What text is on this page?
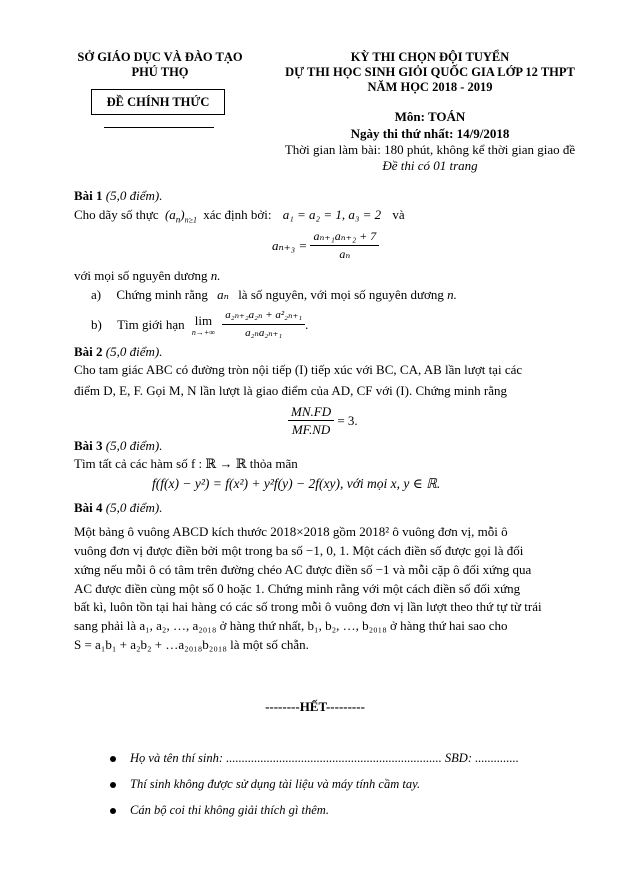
SỞ GIÁO DỤC VÀ ĐÀO TẠO
PHÚ THỌ
ĐỀ CHÍNH THỨC
KỲ THI CHỌN ĐỘI TUYỂN
DỰ THI HỌC SINH GIỎI QUỐC GIA LỚP 12 THPT
NĂM HỌC 2018 - 2019
Môn: TOÁN
Ngày thi thứ nhất: 14/9/2018
Thời gian làm bài: 180 phút, không kể thời gian giao đề
Đề thi có 01 trang
Bài 1 (5,0 điểm).
Cho dãy số thực $(a_n)_{n\ge 1}$ xác định bởi: a₁ = a₂ = 1, a₃ = 2 và
$a_{n+3} = \frac{\text{aₙ₊₁aₙ₊₂ + 7}}{\text{aₙ}}$
với mọi số nguyên dương n.
a) Chứng minh rằng aₙ là số nguyên, với mọi số nguyên dương n.
b) Tìm giới hạn lim
n→+∞
$\frac{\text{a₂ₙ₊₂a₂ₙ + a²₂ₙ₊₁}}{\text{a₂ₙa₂ₙ₊₁}}$ .
Bài 2 (5,0 điểm).
Cho tam giác ABC có đường tròn nội tiếp (I) tiếp xúc với BC, CA, AB lần lượt tại các
điểm D, E, F. Gọi M, N lần lượt là giao điểm của AD, CF với (I). Chứng minh rằng
$\frac{MN.FD}{MF.ND} = 3$.
Bài 3 (5,0 điểm).
Tìm tất cả các hàm số f : ℝ → ℝ thỏa mãn
f(f(x) − y²) = f(x²) + y²f(y) − 2f(xy), với mọi x, y ∈ ℝ.
Bài 4 (5,0 điểm).
Một bảng ô vuông ABCD kích thước 2018×2018 gồm 2018² ô vuông đơn vị, mỗi ô
vuông đơn vị được điền bởi một trong ba số −1, 0, 1. Một cách điền số được gọi là đối
xứng nếu mỗi ô có tâm trên đường chéo AC được điền số −1 và mỗi cặp ô đối xứng qua
AC được điền cùng một số 0 hoặc 1. Chứng minh rằng với một cách điền số đối xứng
bất kì, luôn tồn tại hai hàng có các số trong mỗi ô vuông đơn vị lần lượt theo thứ tự từ trái
sang phải là a₁, a₂, …, a₂₀₁₈ ở hàng thứ nhất, b₁, b₂, …, b₂₀₁₈ ở hàng thứ hai sao cho
S = a₁b₁ + a₂b₂ + …a₂₀₁₈b₂₀₁₈ là một số chẵn.
--------HẾT---------
Họ và tên thí sinh: ..................................................................... SBD: ..............
Thí sinh không được sử dụng tài liệu và máy tính cầm tay.
Cán bộ coi thi không giải thích gì thêm.
